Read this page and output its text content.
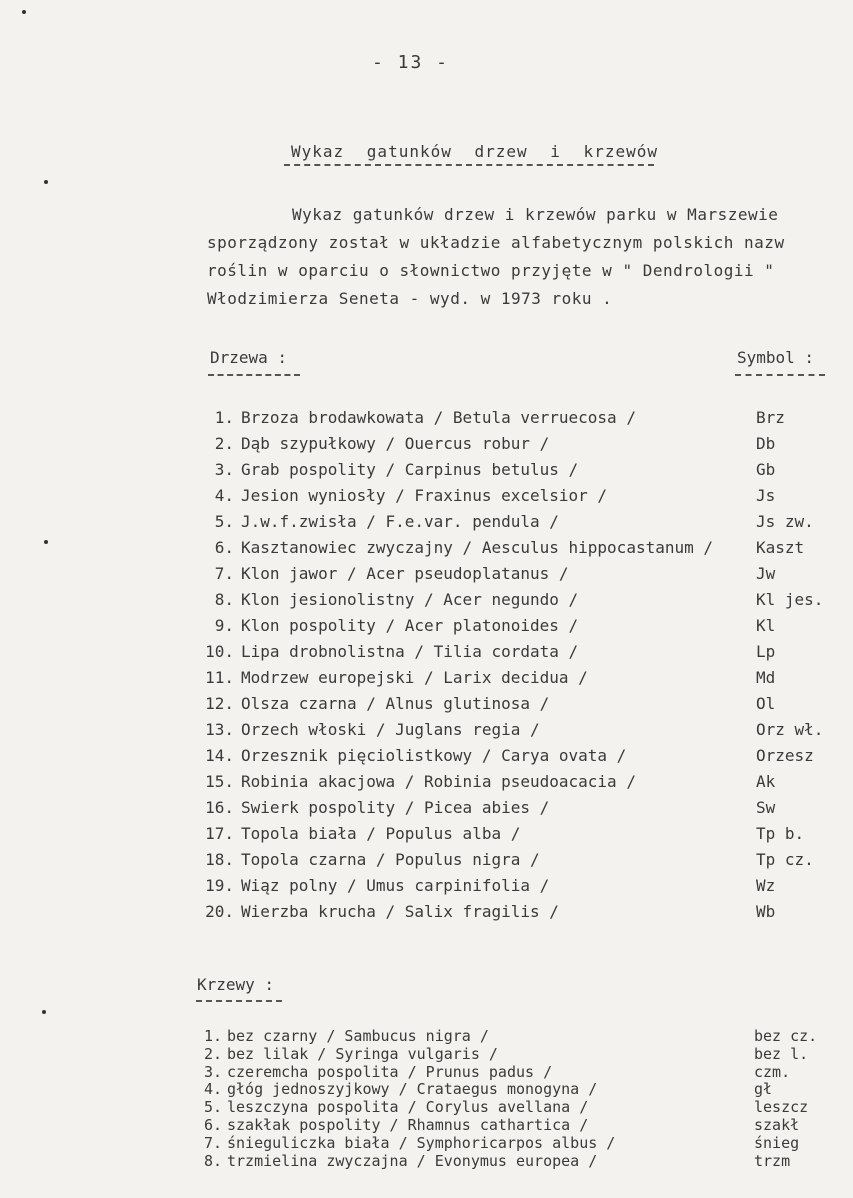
- 13 -
Wykaz gatunków drzew i krzewów
Wykaz gatunków drzew i krzewów parku w Marszewie
sporządzony został w układzie alfabetycznym polskich nazw
roślin w oparciu o słownictwo przyjęte w " Dendrologii "
Włodzimierza Seneta - wyd. w 1973 roku .
Drzewa :	Symbol :
1. Brzoza brodawkowata / Betula verruecosa /	Brz
2. Dąb szypułkowy / Ouercus robur /	Db
3. Grab pospolity / Carpinus betulus /	Gb
4. Jesion wyniosły / Fraxinus excelsior /	Js
5. J.w.f.zwisła / F.e.var. pendula /	Js zw.
6. Kasztanowiec zwyczajny / Aesculus hippocastanum /	Kaszt
7. Klon jawor / Acer pseudoplatanus /	Jw
8. Klon jesionolistny / Acer negundo /	Kl jes.
9. Klon pospolity / Acer platonoides /	Kl
10. Lipa drobnolistna / Tilia cordata /	Lp
11. Modrzew europejski / Larix decidua /	Md
12. Olsza czarna / Alnus glutinosa /	Ol
13. Orzech włoski / Juglans regia /	Orz wł.
14. Orzesznik pięciolistkowy / Carya ovata /	Orzesz
15. Robinia akacjowa / Robinia pseudoacacia /	Ak
16. Swierk pospolity / Picea abies /	Sw
17. Topola biała / Populus alba /	Tp b.
18. Topola czarna / Populus nigra /	Tp cz.
19. Wiąz polny / Umus carpinifolia /	Wz
20. Wierzba krucha / Salix fragilis /	Wb
Krzewy :
1. bez czarny / Sambucus nigra /	bez cz.
2. bez lilak / Syringa vulgaris /	bez l.
3. czeremcha pospolita / Prunus padus /	czm.
4. głóg jednoszyjkowy / Crataegus monogyna /	gł
5. leszczyna pospolita / Corylus avellana /	leszcz
6. szakłak pospolity / Rhamnus cathartica /	szakł
7. śnieguliczka biała / Symphoricarpos albus /	śnieg
8. trzmielina zwyczajna / Evonymus europea /	trzm
